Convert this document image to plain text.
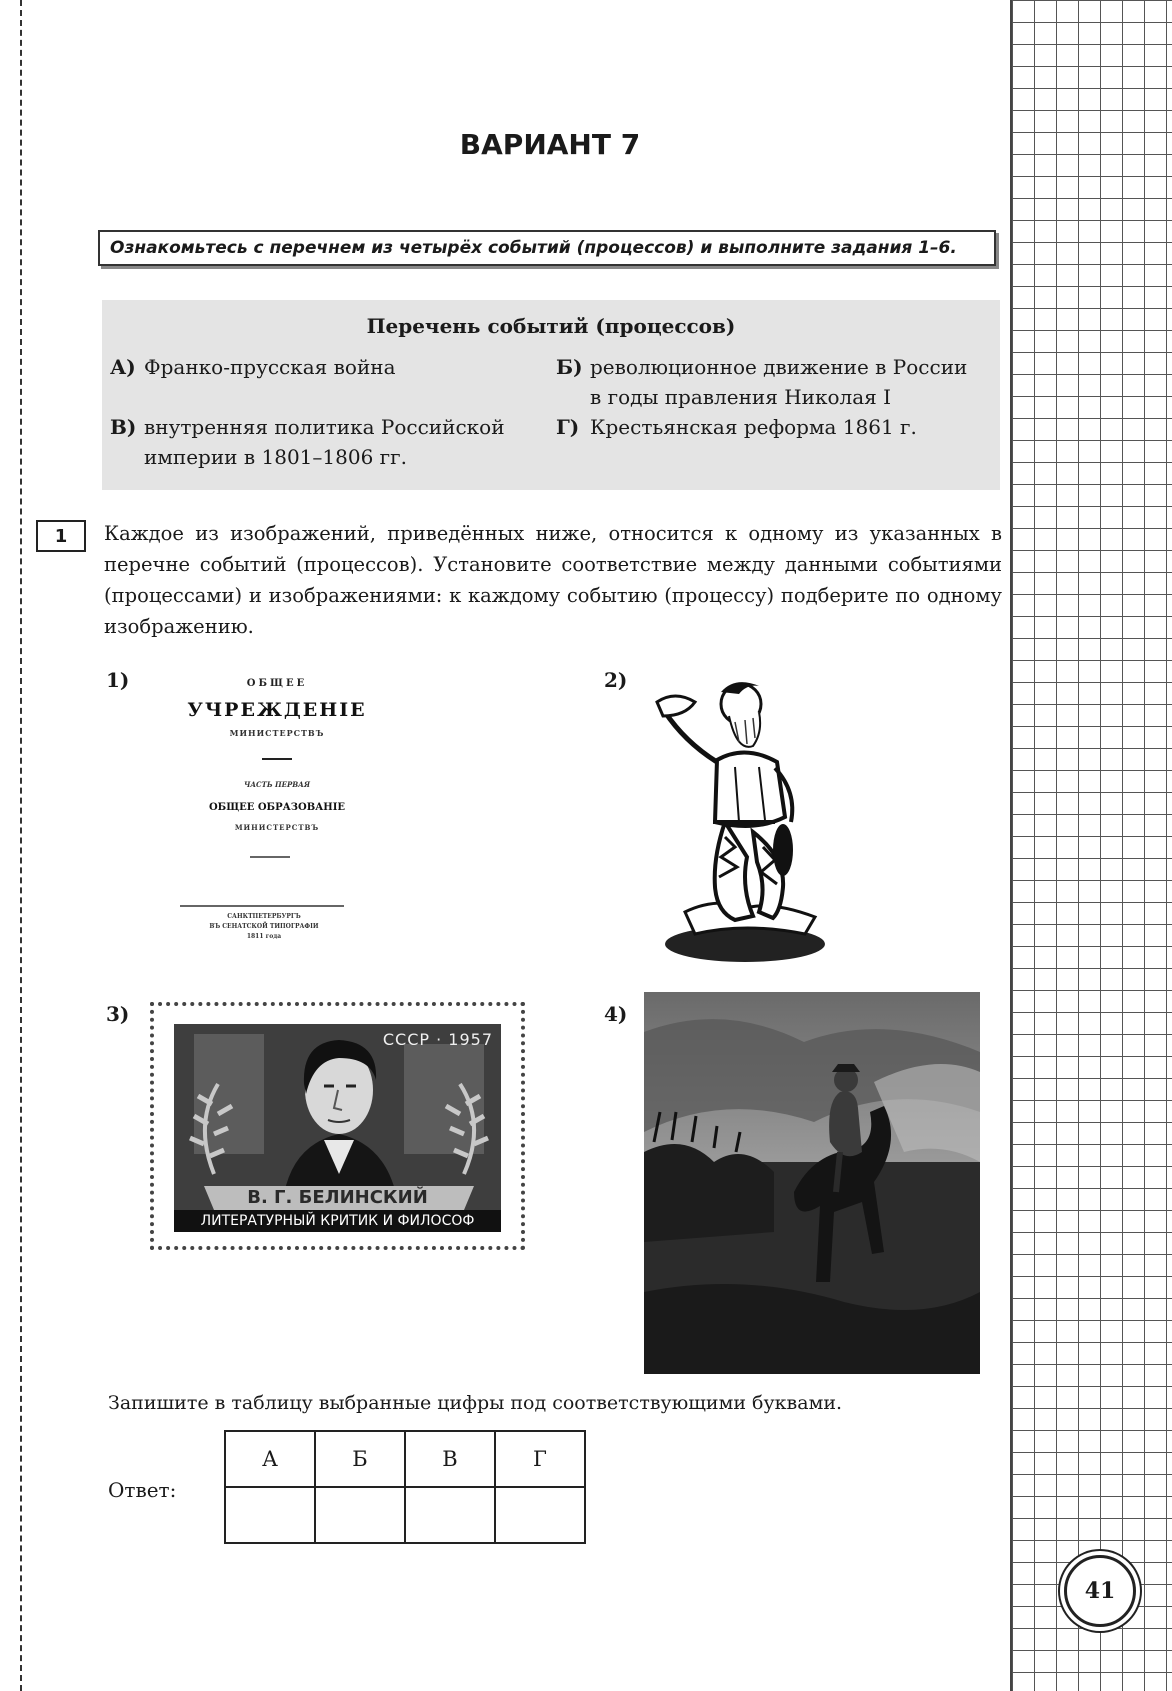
41
ВАРИАНТ 7
Ознакомьтесь с перечнем из четырёх событий (процессов) и выполните задания 1–6.
Перечень событий (процессов)
А) Франко-прусская война	Б) революционное движение в России
в годы правления Николая I
В) внутренняя политика Российской
империи в 1801–1806 гг.
Г) Крестьянская реформа 1861 г.
1	Каждое из изображений, приведённых ниже, относится к одному из указанных в перечне событий (процессов). Установите соответствие между данными событиями (процессами) и изображениями: к каждому событию (процессу) подберите по одному изображению.
1)	ОБЩЕЕ
УЧРЕЖДЕНІЕ
МИНИСТЕРСТВЪ
ЧАСТЬ ПЕРВАЯ
ОБЩЕЕ ОБРАЗОВАНІЕ
МИНИСТЕРСТВЪ
САНКТПЕТЕРБУРГЪ
ВЪ СЕНАТСКОЙ ТИПОГРАФІИ
1811 года
2)
3)
СССР · 1957
В. Г. БЕЛИНСКИЙ
ЛИТЕРАТУРНЫЙ КРИТИК И ФИЛОСОФ
4)
Запишите в таблицу выбранные цифры под соответствующими буквами.
Ответ:
А	Б	В	Г
